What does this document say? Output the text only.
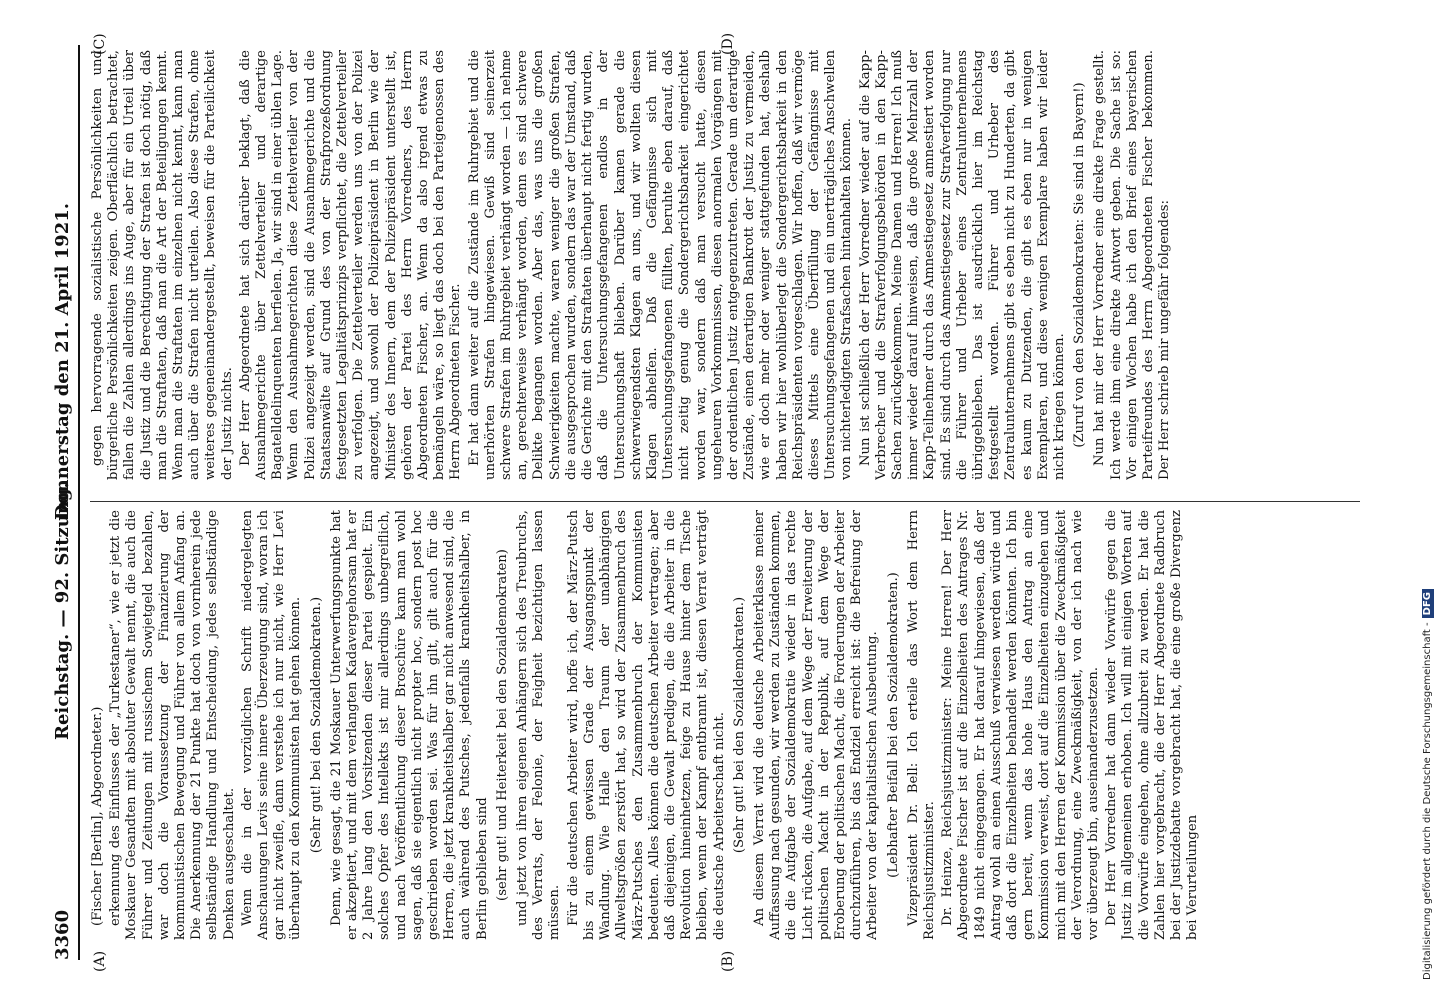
3360
Reichstag. — 92. Sitzung.
Donnerstag den 21. April 1921.
(A)	(B)
(C)	(D)

(Fischer [Berlin], Abgeordneter.) erkennung des Einflusses der „Turkestaner“, wie er jetzt die Moskauer Gesandten mit absoluter Gewalt nennt, die auch die Führer und Zeitungen mit russischem Sowjetgeld bezahlen, war doch die Voraussetzung der Finanzierung der kommunistischen Bewegung und Führer von allem Anfang an. Die Anerkennung der 21 Punkte hat doch von vornherein jede selbständige Handlung und Entscheidung, jedes selbständige Denken ausgeschaltet. Wenn die in der vorzüglichen Schrift niedergelegten Anschauungen Levis seine innere Überzeugung sind, woran ich gar nicht zweifle, dann verstehe ich nur nicht, wie Herr Levi überhaupt zu den Kommunisten hat gehen können. (Sehr gut! bei den Sozialdemokraten.) Denn, wie gesagt, die 21 Moskauer Unterwerfungspunkte hat er akzeptiert, und mit dem verlangten Kadavergehorsam hat er 2 Jahre lang den Vorsitzenden dieser Partei gespielt. Ein solches Opfer des Intellekts ist mir allerdings unbegreiflich, und nach Veröffentlichung dieser Broschüre kann man wohl sagen, daß sie eigentlich nicht propter hoc, sondern post hoc geschrieben worden sei. Was für ihn gilt, gilt auch für die Herren, die jetzt krankheitshalber gar nicht anwesend sind, die auch während des Putsches, jedenfalls krankheitshalber, in Berlin geblieben sind (sehr gut! und Heiterkeit bei den Sozialdemokraten) und jetzt von ihren eigenen Anhängern sich des Treubruchs, des Verrats, der Felonie, der Feigheit bezichtigen lassen müssen. Für die deutschen Arbeiter wird, hoffe ich, der März-Putsch bis zu einem gewissen Grade der Ausgangspunkt der Wandlung. Wie Halle den Traum der unabhängigen Allweltsgrößen zerstört hat, so wird der Zusammenbruch des März-Putsches den Zusammenbruch der Kommunisten bedeuten. Alles können die deutschen Arbeiter vertragen; aber daß diejenigen, die Gewalt predigen, die die Arbeiter in die Revolution hineinhetzen, feige zu Hause hinter dem Tische bleiben, wenn der Kampf entbrannt ist, diesen Verrat verträgt die deutsche Arbeiterschaft nicht. (Sehr gut! bei den Sozialdemokraten.) An diesem Verrat wird die deutsche Arbeiterklasse meiner Auffassung nach gesunden, wir werden zu Zuständen kommen, die die Aufgabe der Sozialdemokratie wieder in das rechte Licht rücken, die Aufgabe, auf dem Wege der Erweiterung der politischen Macht in der Republik, auf dem Wege der Eroberung der politischen Macht, die Forderungen der Arbeiter durchzuführen, bis das Endziel erreicht ist: die Befreiung der Arbeiter von der kapitalistischen Ausbeutung. (Lebhafter Beifall bei den Sozialdemokraten.) Vizepräsident Dr. Bell: Ich erteile das Wort dem Herrn Reichsjustizminister. Dr. Heinze, Reichsjustizminister: Meine Herren! Der Herr Abgeordnete Fischer ist auf die Einzelheiten des Antrages Nr. 1849 nicht eingegangen. Er hat darauf hingewiesen, daß der Antrag wohl an einen Ausschuß verwiesen werden würde und daß dort die Einzelheiten behandelt werden könnten. Ich bin gern bereit, wenn das hohe Haus den Antrag an eine Kommission verweist, dort auf die Einzelheiten einzugehen und mich mit den Herren der Kommission über die Zweckmäßigkeit der Verordnung, eine Zweckmäßigkeit, von der ich nach wie vor überzeugt bin, auseinanderzusetzen. Der Herr Vorredner hat dann wieder Vorwürfe gegen die Justiz im allgemeinen erhoben. Ich will mit einigen Worten auf die Vorwürfe eingehen, ohne allzubreit zu werden. Er hat die Zahlen hier vorgebracht, die der Herr Abgeordnete Radbruch bei der Justizdebatte vorgebracht hat, die eine große Divergenz bei Verurteilungen

gegen hervorragende sozialistische Persönlichkeiten und bürgerliche Persönlichkeiten zeigen. Oberflächlich betrachtet, fallen die Zahlen allerdings ins Auge, aber für ein Urteil über die Justiz und die Berechtigung der Strafen ist doch nötig, daß man die Straftaten, daß man die Art der Beteiligungen kennt. Wenn man die Straftaten im einzelnen nicht kennt, kann man auch über die Strafen nicht urteilen. Also diese Strafen, ohne weiteres gegeneinandergestellt, beweisen für die Parteilichkeit der Justiz nichts. Der Herr Abgeordnete hat sich darüber beklagt, daß die Ausnahmegerichte über Zettelverteiler und derartige Bagatelldelinquenten herfielen. Ja, wir sind in einer üblen Lage. Wenn den Ausnahmegerichten diese Zettelverteiler von der Polizei angezeigt werden, sind die Ausnahmegerichte und die Staatsanwälte auf Grund des von der Strafprozeßordnung festgesetzten Legalitätsprinzips verpflichtet, die Zettelverteiler zu verfolgen. Die Zettelverteiler werden uns von der Polizei angezeigt, und sowohl der Polizeipräsident in Berlin wie der Minister des Innern, dem der Polizeipräsident unterstellt ist, gehören der Partei des Herrn Vorredners, des Herrn Abgeordneten Fischer, an. Wenn da also irgend etwas zu bemängeln wäre, so liegt das doch bei den Parteigenossen des Herrn Abgeordneten Fischer. Er hat dann weiter auf die Zustände im Ruhrgebiet und die unerhörten Strafen hingewiesen. Gewiß sind seinerzeit schwere Strafen im Ruhrgebiet verhängt worden — ich nehme an, gerechterweise verhängt worden, denn es sind schwere Delikte begangen worden. Aber das, was uns die großen Schwierigkeiten machte, waren weniger die großen Strafen, die ausgesprochen wurden, sondern das war der Umstand, daß die Gerichte mit den Straftaten überhaupt nicht fertig wurden, daß die Untersuchungsgefangenen endlos in der Untersuchungshaft blieben. Darüber kamen gerade die schwerwiegendsten Klagen an uns, und wir wollten diesen Klagen abhelfen. Daß die Gefängnisse sich mit Untersuchungsgefangenen füllten, beruhte eben darauf, daß nicht zeitig genug die Sondergerichtsbarkeit eingerichtet worden war, sondern daß man versucht hatte, diesen ungeheuren Vorkommnissen, diesen anormalen Vorgängen mit der ordentlichen Justiz entgegenzutreten. Gerade um derartige Zustände, einen derartigen Bankrott der Justiz zu vermeiden, wie er doch mehr oder weniger stattgefunden hat, deshalb haben wir hier wohlüberlegt die Sondergerichtsbarkeit in den Reichspräsidenten vorgeschlagen. Wir hoffen, daß wir vermöge dieses Mittels eine Überfüllung der Gefängnisse mit Untersuchungsgefangenen und ein unerträgliches Anschwellen von nichterledigten Strafsachen hintanhalten können. Nun ist schließlich der Herr Vorredner wieder auf die Kapp-Verbrecher und die Strafverfolgungsbehörden in den Kapp-Sachen zurückgekommen. Meine Damen und Herren! Ich muß immer wieder darauf hinweisen, daß die große Mehrzahl der Kapp-Teilnehmer durch das Amnestiegesetz amnestiert worden sind. Es sind durch das Amnestiegesetz zur Strafverfolgung nur die Führer und Urheber eines Zentralunternehmens übriggeblieben. Das ist ausdrücklich hier im Reichstag festgestellt worden. Führer und Urheber des Zentralunternehmens gibt es eben nicht zu Hunderten, da gibt es kaum zu Dutzenden, die gibt es eben nur in wenigen Exemplaren, und diese wenigen Exemplare haben wir leider nicht kriegen können. (Zuruf von den Sozialdemokraten: Sie sind in Bayern!) Nun hat mir der Herr Vorredner eine direkte Frage gestellt. Ich werde ihm eine direkte Antwort geben. Die Sache ist so: Vor einigen Wochen habe ich den Brief eines bayerischen Parteifreundes des Herrn Abgeordneten Fischer bekommen. Der Herr schrieb mir ungefähr folgendes:

Digitalisierung gefördert durch die Deutsche Forschungsgemeinschaft -DFG
